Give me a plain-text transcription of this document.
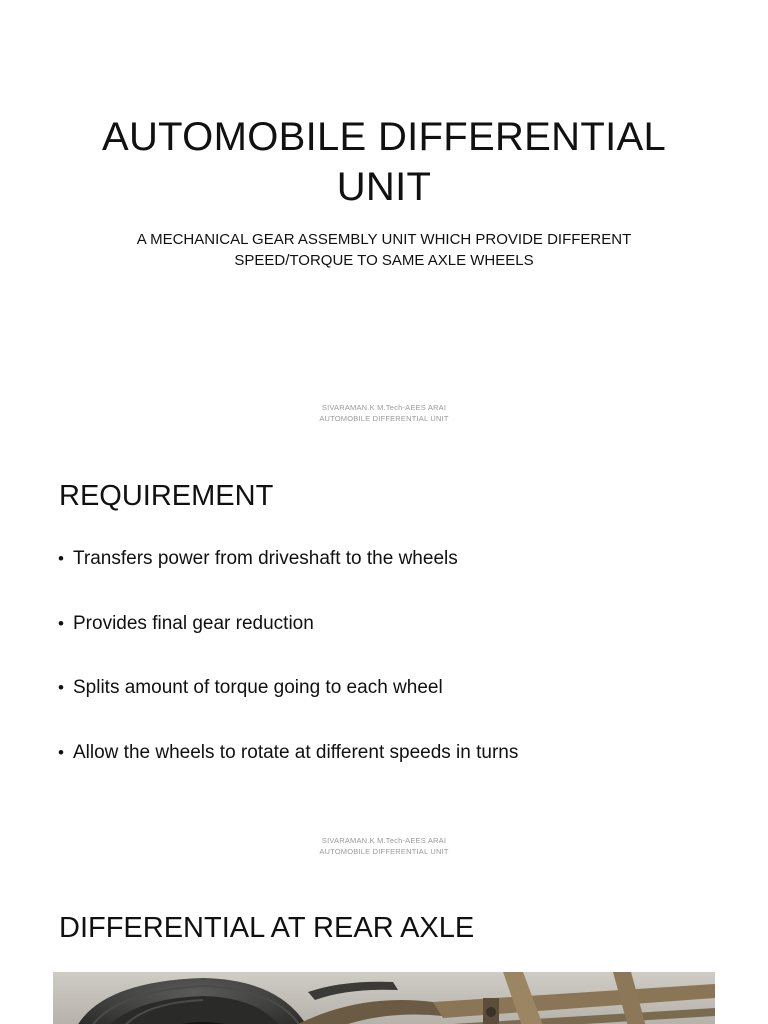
AUTOMOBILE DIFFERENTIAL UNIT
A MECHANICAL GEAR ASSEMBLY UNIT WHICH PROVIDE DIFFERENT
SPEED/TORQUE TO SAME AXLE WHEELS
SIVARAMAN.K M.Tech-AEES ARAI
AUTOMOBILE DIFFERENTIAL UNIT
REQUIREMENT
• Transfers power from driveshaft to the wheels
• Provides final gear reduction
• Splits amount of torque going to each wheel
• Allow the wheels to rotate at different speeds in turns
SIVARAMAN.K M.Tech-AEES ARAI
AUTOMOBILE DIFFERENTIAL UNIT
DIFFERENTIAL AT REAR AXLE
